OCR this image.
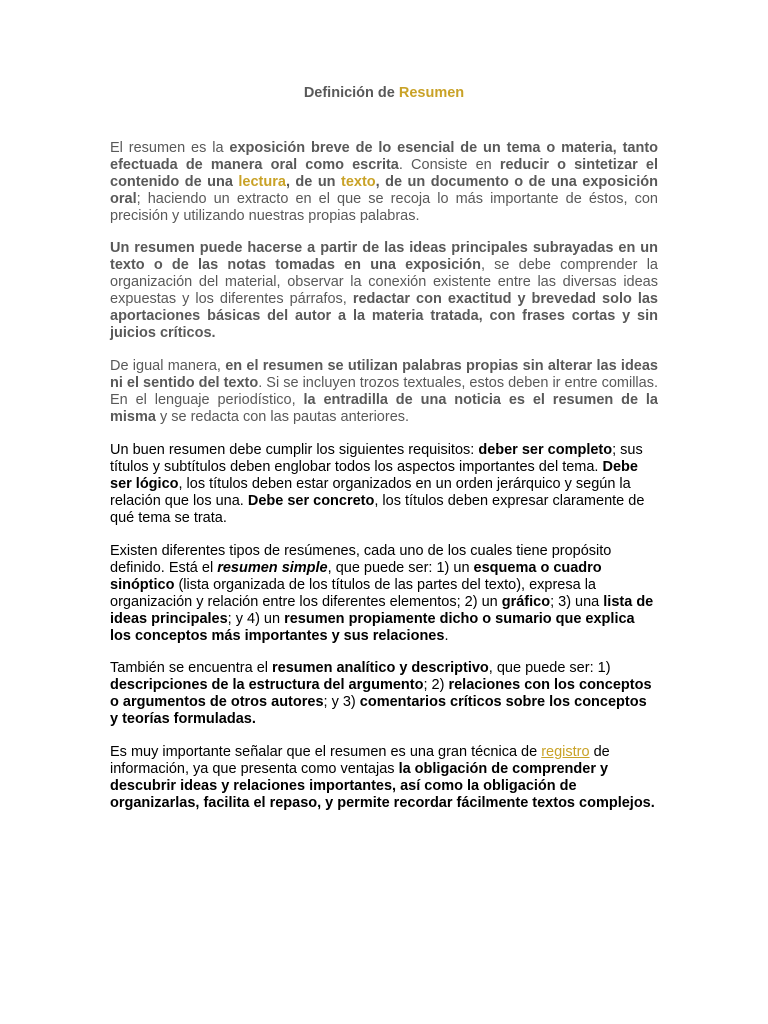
Definición de Resumen

El resumen es la exposición breve de lo esencial de un tema o materia, tanto efectuada de manera oral como escrita. Consiste en reducir o sintetizar el contenido de una lectura, de un texto, de un documento o de una exposición oral; haciendo un extracto en el que se recoja lo más importante de éstos, con precisión y utilizando nuestras propias palabras.

Un resumen puede hacerse a partir de las ideas principales subrayadas en un texto o de las notas tomadas en una exposición, se debe comprender la organización del material, observar la conexión existente entre las diversas ideas expuestas y los diferentes párrafos, redactar con exactitud y brevedad solo las aportaciones básicas del autor a la materia tratada, con frases cortas y sin juicios críticos.

De igual manera, en el resumen se utilizan palabras propias sin alterar las ideas ni el sentido del texto. Si se incluyen trozos textuales, estos deben ir entre comillas. En el lenguaje periodístico, la entradilla de una noticia es el resumen de la misma y se redacta con las pautas anteriores.

Un buen resumen debe cumplir los siguientes requisitos: deber ser completo; sus títulos y subtítulos deben englobar todos los aspectos importantes del tema. Debe ser lógico, los títulos deben estar organizados en un orden jerárquico y según la relación que los una. Debe ser concreto, los títulos deben expresar claramente de qué tema se trata.

Existen diferentes tipos de resúmenes, cada uno de los cuales tiene propósito definido. Está el resumen simple, que puede ser: 1) un esquema o cuadro sinóptico (lista organizada de los títulos de las partes del texto), expresa la organización y relación entre los diferentes elementos; 2) un gráfico; 3) una lista de ideas principales; y 4) un resumen propiamente dicho o sumario que explica los conceptos más importantes y sus relaciones.

También se encuentra el resumen analítico y descriptivo, que puede ser: 1) descripciones de la estructura del argumento; 2) relaciones con los conceptos o argumentos de otros autores; y 3) comentarios críticos sobre los conceptos y teorías formuladas.

Es muy importante señalar que el resumen es una gran técnica de registro de información, ya que presenta como ventajas la obligación de comprender y descubrir ideas y relaciones importantes, así como la obligación de organizarlas, facilita el repaso, y permite recordar fácilmente textos complejos.
